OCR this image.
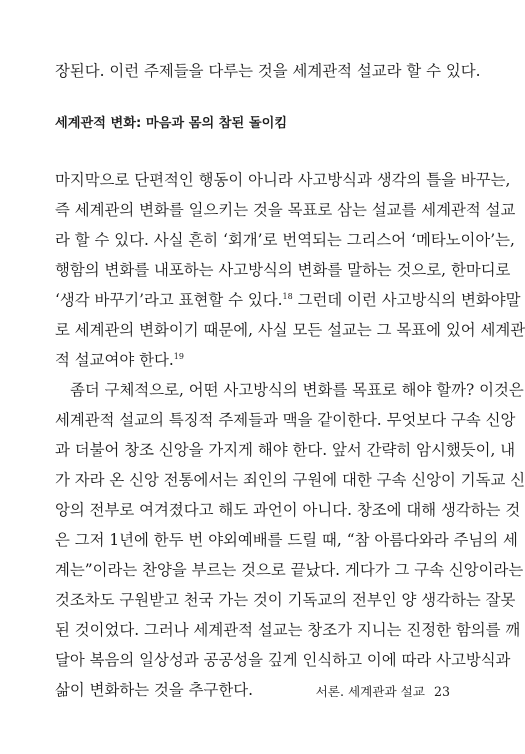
장된다. 이런 주제들을 다루는 것을 세계관적 설교라 할 수 있다.

세계관적 변화: 마음과 몸의 참된 돌이킴

마지막으로 단편적인 행동이 아니라 사고방식과 생각의 틀을 바꾸는,

즉 세계관의 변화를 일으키는 것을 목표로 삼는 설교를 세계관적 설교

라 할 수 있다. 사실 흔히 ‘회개’로 번역되는 그리스어 ‘메타노이아’는,

행함의 변화를 내포하는 사고방식의 변화를 말하는 것으로, 한마디로

‘생각 바꾸기’라고 표현할 수 있다.$^{18}$ 그런데 이런 사고방식의 변화야말

로 세계관의 변화이기 때문에, 사실 모든 설교는 그 목표에 있어 세계관

적 설교여야 한다.$^{19}$

좀더 구체적으로, 어떤 사고방식의 변화를 목표로 해야 할까? 이것은

세계관적 설교의 특징적 주제들과 맥을 같이한다. 무엇보다 구속 신앙

과 더불어 창조 신앙을 가지게 해야 한다. 앞서 간략히 암시했듯이, 내

가 자라 온 신앙 전통에서는 죄인의 구원에 대한 구속 신앙이 기독교 신

앙의 전부로 여겨졌다고 해도 과언이 아니다. 창조에 대해 생각하는 것

은 그저 1년에 한두 번 야외예배를 드릴 때, “참 아름다와라 주님의 세

계는”이라는 찬양을 부르는 것으로 끝났다. 게다가 그 구속 신앙이라는

것조차도 구원받고 천국 가는 것이 기독교의 전부인 양 생각하는 잘못

된 것이었다. 그러나 세계관적 설교는 창조가 지니는 진정한 함의를 깨

달아 복음의 일상성과 공공성을 깊게 인식하고 이에 따라 사고방식과

삶이 변화하는 것을 추구한다.	서론. 세계관과 설교 23
